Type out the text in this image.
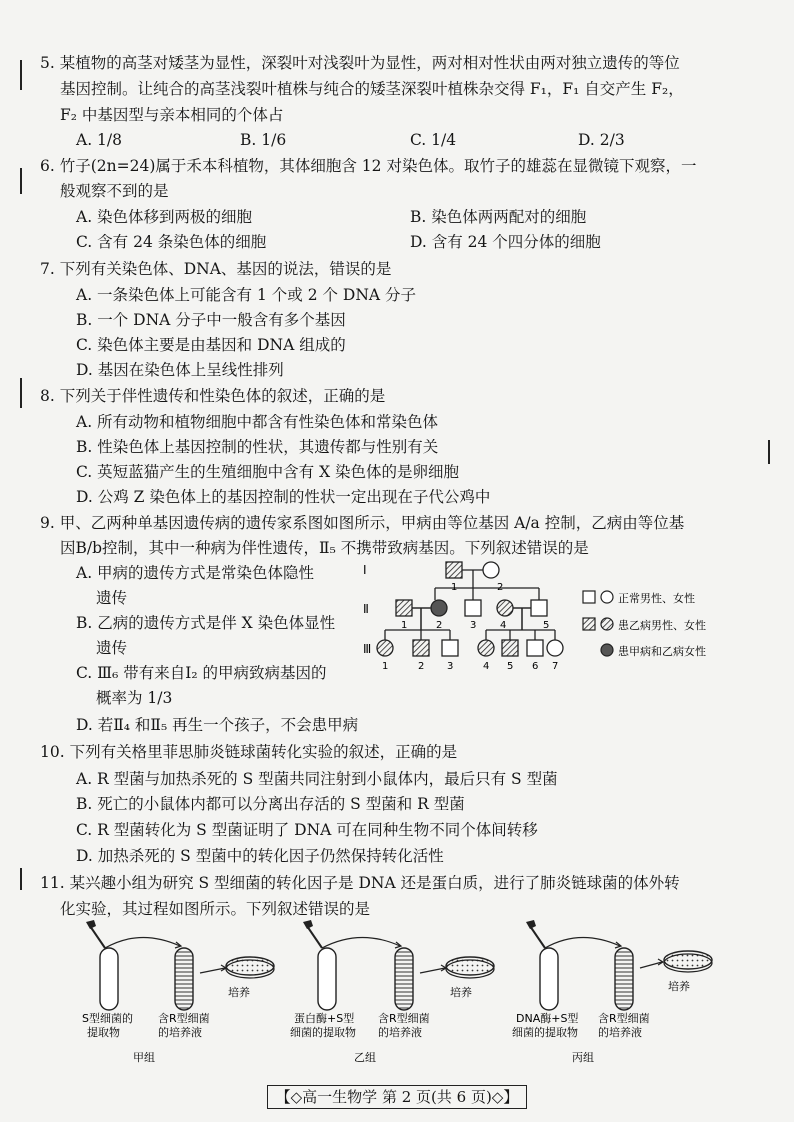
5. 某植物的高茎对矮茎为显性，深裂叶对浅裂叶为显性，两对相对性状由两对独立遗传的等位
基因控制。让纯合的高茎浅裂叶植株与纯合的矮茎深裂叶植株杂交得 F₁，F₁ 自交产生 F₂，
F₂ 中基因型与亲本相同的个体占
A. 1/8	B. 1/6	C. 1/4	D. 2/3
6. 竹子(2n=24)属于禾本科植物，其体细胞含 12 对染色体。取竹子的雄蕊在显微镜下观察，一
般观察不到的是
A. 染色体移到两极的细胞	B. 染色体两两配对的细胞
C. 含有 24 条染色体的细胞	D. 含有 24 个四分体的细胞
7. 下列有关染色体、DNA、基因的说法，错误的是
A. 一条染色体上可能含有 1 个或 2 个 DNA 分子
B. 一个 DNA 分子中一般含有多个基因
C. 染色体主要是由基因和 DNA 组成的
D. 基因在染色体上呈线性排列
8. 下列关于伴性遗传和性染色体的叙述，正确的是
A. 所有动物和植物细胞中都含有性染色体和常染色体
B. 性染色体上基因控制的性状，其遗传都与性别有关
C. 英短蓝猫产生的生殖细胞中含有 X 染色体的是卵细胞
D. 公鸡 Z 染色体上的基因控制的性状一定出现在子代公鸡中
9. 甲、乙两种单基因遗传病的遗传家系图如图所示，甲病由等位基因 A/a 控制，乙病由等位基
因B/b控制，其中一种病为伴性遗传，Ⅱ₅ 不携带致病基因。下列叙述错误的是
A. 甲病的遗传方式是常染色体隐性
遗传
B. 乙病的遗传方式是伴 X 染色体显性
遗传
C. Ⅲ₆ 带有来自Ⅰ₂ 的甲病致病基因的
概率为 1/3
D. 若Ⅱ₄ 和Ⅱ₅ 再生一个孩子，不会患甲病
Ⅰ
Ⅱ
Ⅲ
1	2
1	2	3 4	5
1	2 3	4 5 6 7
正常男性、女性
患乙病男性、女性
患甲病和乙病女性
10. 下列有关格里菲思肺炎链球菌转化实验的叙述，正确的是
A. R 型菌与加热杀死的 S 型菌共同注射到小鼠体内，最后只有 S 型菌
B. 死亡的小鼠体内都可以分离出存活的 S 型菌和 R 型菌
C. R 型菌转化为 S 型菌证明了 DNA 可在同种生物不同个体间转移
D. 加热杀死的 S 型菌中的转化因子仍然保持转化活性
11. 某兴趣小组为研究 S 型细菌的转化因子是 DNA 还是蛋白质，进行了肺炎链球菌的体外转
化实验，其过程如图所示。下列叙述错误的是
培养
S型细菌的
提取物
含R型细菌
的培养液
甲组
培养
蛋白酶+S型
细菌的提取物
含R型细菌
的培养液
乙组
培养
DNA酶+S型
细菌的提取物
含R型细菌
的培养液
丙组
【◇高一生物学 第 2 页(共 6 页)◇】
